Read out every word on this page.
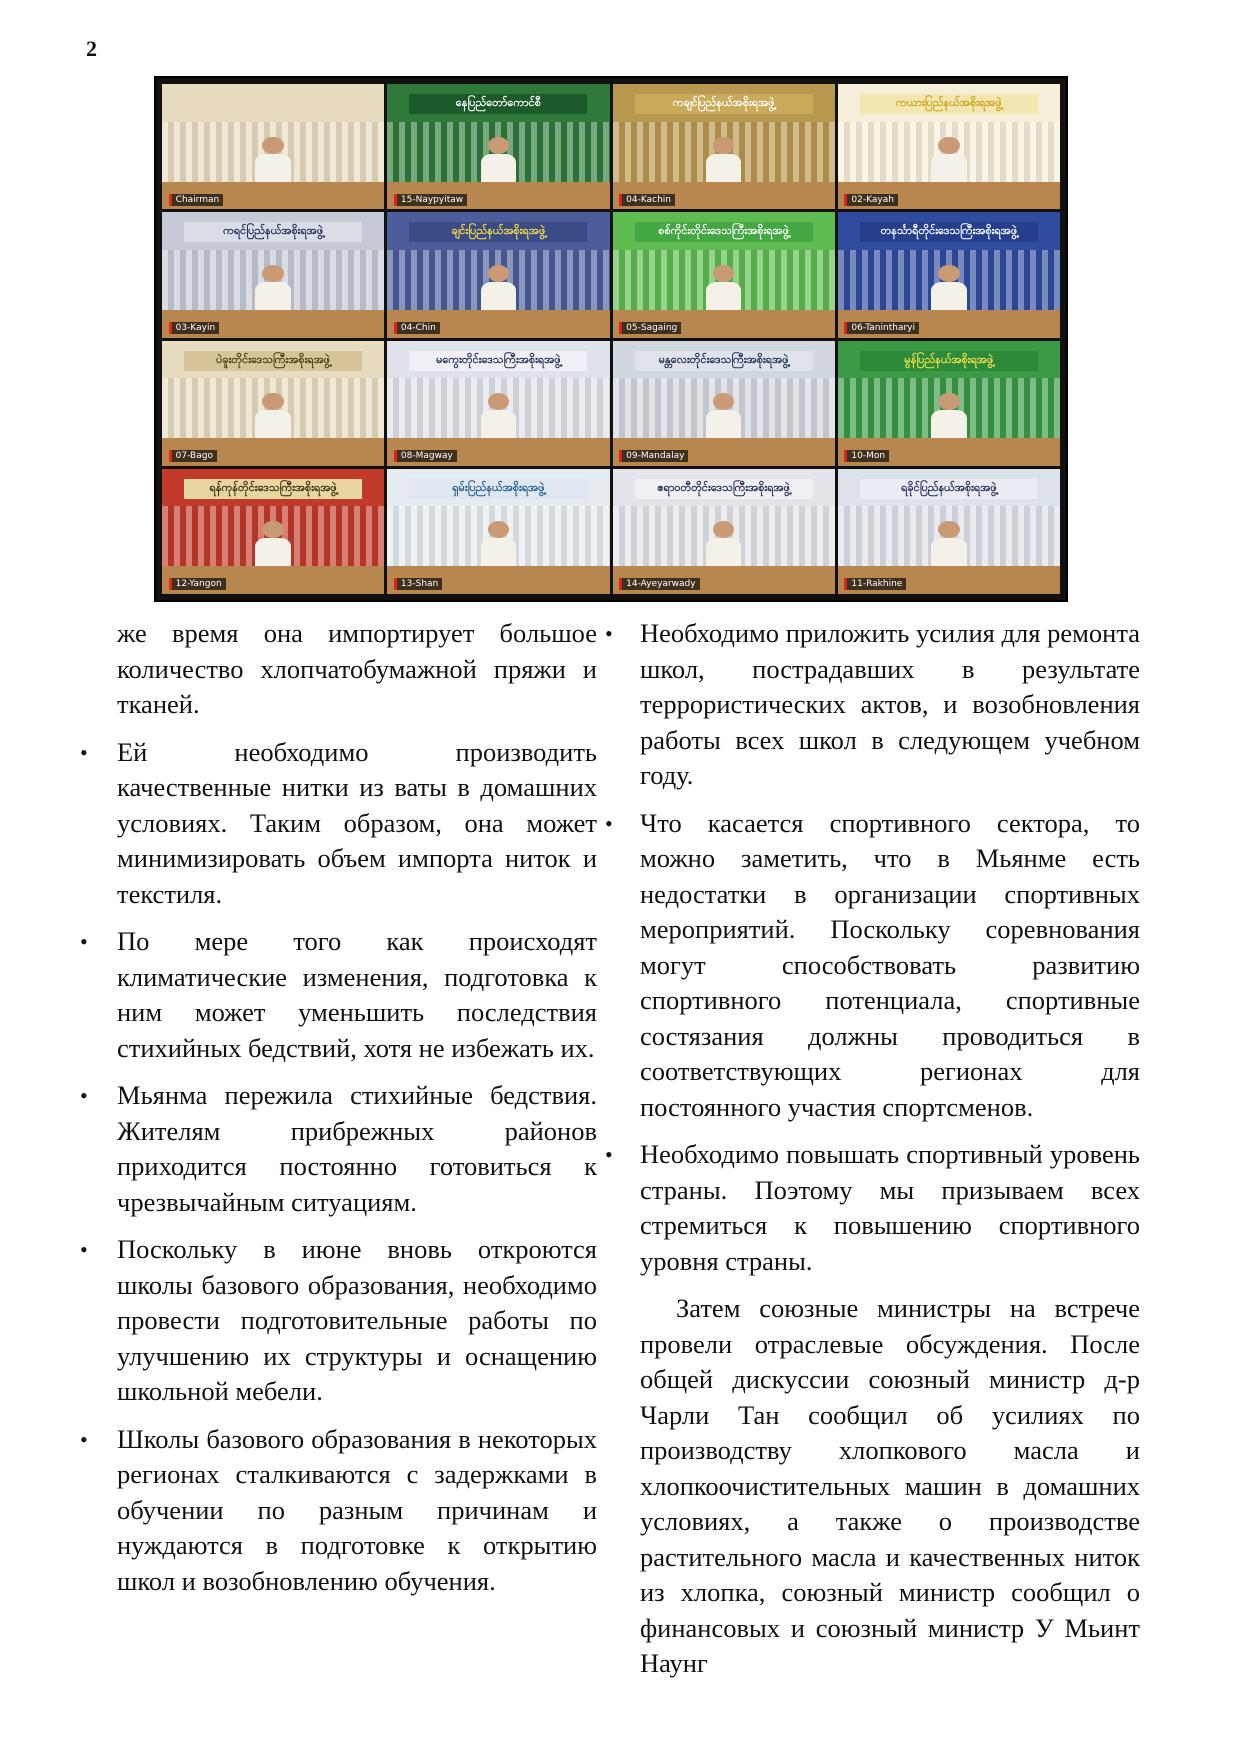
2
Chairman
နေပြည်တော်ကောင်စီ
15-Naypyitaw
ကချင်ပြည်နယ်အစိုးရအဖွဲ့
04-Kachin
ကယားပြည်နယ်အစိုးရအဖွဲ့
02-Kayah
ကရင်ပြည်နယ်အစိုးရအဖွဲ့
03-Kayin
ချင်းပြည်နယ်အစိုးရအဖွဲ့
04-Chin
စစ်ကိုင်းတိုင်းဒေသကြီးအစိုးရအဖွဲ့
05-Sagaing
တနင်္သာရီတိုင်းဒေသကြီးအစိုးရအဖွဲ့
06-Tanintharyi
ပဲခူးတိုင်းဒေသကြီးအစိုးရအဖွဲ့
07-Bago
မကွေးတိုင်းဒေသကြီးအစိုးရအဖွဲ့
08-Magway
မန္တလေးတိုင်းဒေသကြီးအစိုးရအဖွဲ့
09-Mandalay
မွန်ပြည်နယ်အစိုးရအဖွဲ့
10-Mon
ရန်ကုန်တိုင်းဒေသကြီးအစိုးရအဖွဲ့
12-Yangon
ရှမ်းပြည်နယ်အစိုးရအဖွဲ့
13-Shan
ဧရာဝတီတိုင်းဒေသကြီးအစိုးရအဖွဲ့
14-Ayeyarwady
ရခိုင်ပြည်နယ်အစိုးရအဖွဲ့
11-Rakhine

же время она импортирует большое количество хлопчатобумажной пряжи и тканей.

• Ей необходимо производить качественные нитки из ваты в домашних условиях. Таким образом, она может минимизировать объем импорта ниток и текстиля.
• По мере того как происходят климатические изменения, подготовка к ним может уменьшить последствия стихийных бедствий, хотя не избежать их.
• Мьянма пережила стихийные бедствия. Жителям прибрежных районов приходится постоянно готовиться к чрезвычайным ситуациям.
• Поскольку в июне вновь откроются школы базового образования, необходимо провести подготовительные работы по улучшению их структуры и оснащению школьной мебели.
• Школы базового образования в некоторых регионах сталкиваются с задержками в обучении по разным причинам и нуждаются в подготовке к открытию школ и возобновлению обучения.
• Необходимо приложить усилия для ремонта школ, пострадавших в результате террористических актов, и возобновления работы всех школ в следующем учебном году.
• Что касается спортивного сектора, то можно заметить, что в Мьянме есть недостатки в организации спортивных мероприятий. Поскольку соревнования могут способствовать развитию спортивного потенциала, спортивные состязания должны проводиться в соответствующих регионах для постоянного участия спортсменов.
• Необходимо повышать спортивный уровень страны. Поэтому мы призываем всех стремиться к повышению спортивного уровня страны.

Затем союзные министры на встрече провели отраслевые обсуждения. После общей дискуссии союзный министр д-р Чарли Тан сообщил об усилиях по производству хлопкового масла и хлопкоочистительных машин в домашних условиях, а также о производстве растительного масла и качественных ниток из хлопка, союзный министр сообщил о финансовых и союзный министр У Мьинт Наунг
